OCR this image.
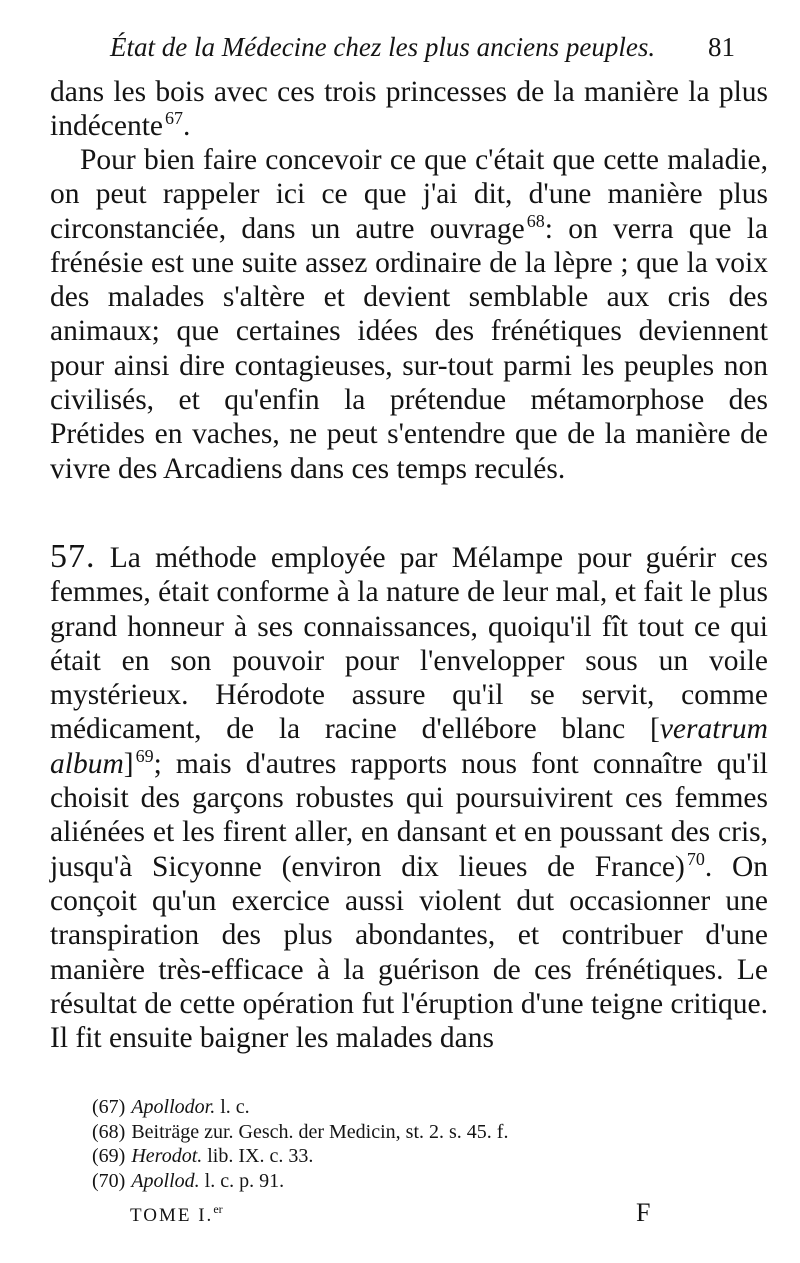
État de la Médecine chez les plus anciens peuples. 81
dans les bois avec ces trois princesses de la manière la plus indécente $^{67}$.
Pour bien faire concevoir ce que c'était que cette maladie, on peut rappeler ici ce que j'ai dit, d'une manière plus circonstanciée, dans un autre ouvrage $^{68}$: on verra que la frénésie est une suite assez ordinaire de la lèpre ; que la voix des malades s'altère et devient semblable aux cris des animaux; que certaines idées des frénétiques deviennent pour ainsi dire contagieuses, sur-tout parmi les peuples non civilisés, et qu'enfin la prétendue métamorphose des Prétides en vaches, ne peut s'entendre que de la manière de vivre des Arcadiens dans ces temps reculés.
57. La méthode employée par Mélampe pour guérir ces femmes, était conforme à la nature de leur mal, et fait le plus grand honneur à ses connaissances, quoiqu'il fît tout ce qui était en son pouvoir pour l'envelopper sous un voile mystérieux. Hérodote assure qu'il se servit, comme médicament, de la racine d'ellébore blanc [veratrum album] $^{69}$; mais d'autres rapports nous font connaître qu'il choisit des garçons robustes qui poursuivirent ces femmes aliénées et les firent aller, en dansant et en poussant des cris, jusqu'à Sicyonne (environ dix lieues de France) $^{70}$. On conçoit qu'un exercice aussi violent dut occasionner une transpiration des plus abondantes, et contribuer d'une manière très-efficace à la guérison de ces frénétiques. Le résultat de cette opération fut l'éruption d'une teigne critique. Il fit ensuite baigner les malades dans
(67) Apollodor. l. c.
(68) Beiträge zur. Gesch. der Medicin, st. 2. s. 45. f.
(69) Herodot. lib. IX. c. 33.
(70) Apollod. l. c. p. 91.
TOME I.$^{er}$	F
